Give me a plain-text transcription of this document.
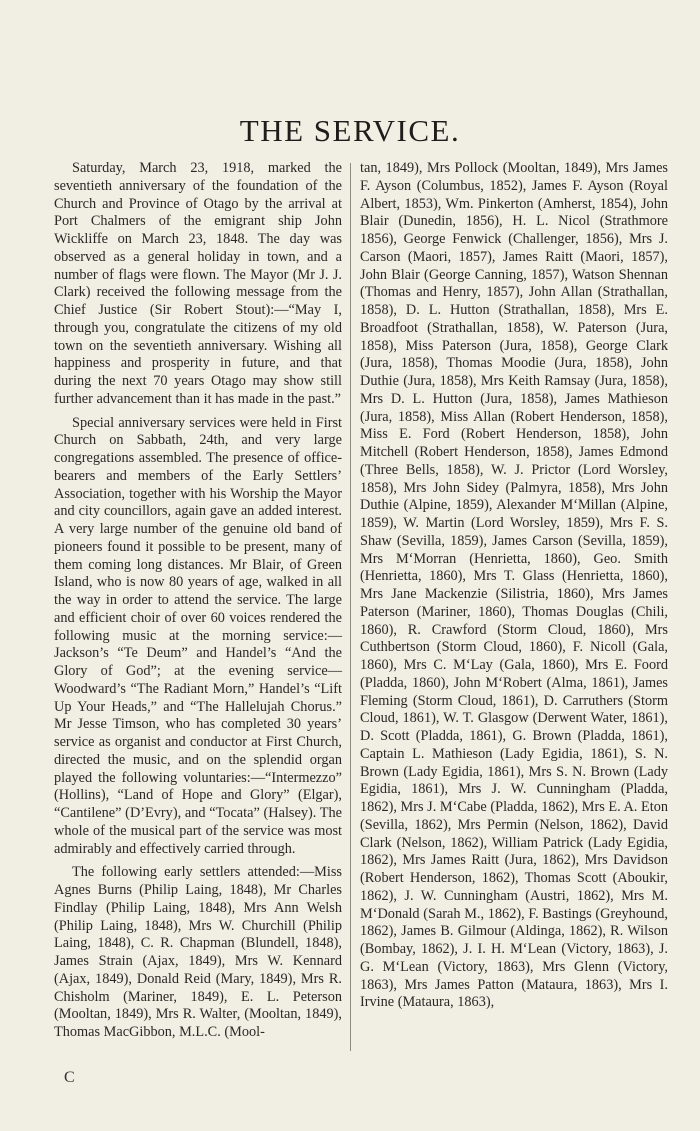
THE SERVICE.

Saturday, March 23, 1918, marked the seventieth anniversary of the foundation of the Church and Province of Otago by the arrival at Port Chalmers of the emigrant ship John Wickliffe on March 23, 1848. The day was observed as a general holiday in town, and a number of flags were flown. The Mayor (Mr J. J. Clark) received the following message from the Chief Justice (Sir Robert Stout):—“May I, through you, congratulate the citizens of my old town on the seventieth anniversary. Wishing all happiness and prosperity in future, and that during the next 70 years Otago may show still further advancement than it has made in the past.”

Special anniversary services were held in First Church on Sabbath, 24th, and very large congregations assembled. The presence of office-bearers and members of the Early Settlers’ Association, together with his Worship the Mayor and city councillors, again gave an added interest. A very large number of the genuine old band of pioneers found it possible to be present, many of them coming long distances. Mr Blair, of Green Island, who is now 80 years of age, walked in all the way in order to attend the service. The large and efficient choir of over 60 voices rendered the following music at the morning service:—Jackson’s “Te Deum” and Handel’s “And the Glory of God”; at the evening service—Woodward’s “The Radiant Morn,” Handel’s “Lift Up Your Heads,” and “The Hallelujah Chorus.” Mr Jesse Timson, who has completed 30 years’ service as organist and conductor at First Church, directed the music, and on the splendid organ played the following voluntaries:—“Intermezzo” (Hollins), “Land of Hope and Glory” (Elgar), “Cantilene” (D’Evry), and “Tocata” (Halsey). The whole of the musical part of the service was most admirably and effectively carried through.

The following early settlers attended:—Miss Agnes Burns (Philip Laing, 1848), Mr Charles Findlay (Philip Laing, 1848), Mrs Ann Welsh (Philip Laing, 1848), Mrs W. Churchill (Philip Laing, 1848), C. R. Chapman (Blundell, 1848), James Strain (Ajax, 1849), Mrs W. Kennard (Ajax, 1849), Donald Reid (Mary, 1849), Mrs R. Chisholm (Mariner, 1849), E. L. Peterson (Mooltan, 1849), Mrs R. Walter, (Mooltan, 1849), Thomas MacGibbon, M.L.C. (Mool-

tan, 1849), Mrs Pollock (Mooltan, 1849), Mrs James F. Ayson (Columbus, 1852), James F. Ayson (Royal Albert, 1853), Wm. Pinkerton (Amherst, 1854), John Blair (Dunedin, 1856), H. L. Nicol (Strathmore 1856), George Fenwick (Challenger, 1856), Mrs J. Carson (Maori, 1857), James Raitt (Maori, 1857), John Blair (George Canning, 1857), Watson Shennan (Thomas and Henry, 1857), John Allan (Strathallan, 1858), D. L. Hutton (Strathallan, 1858), Mrs E. Broadfoot (Strathallan, 1858), W. Paterson (Jura, 1858), Miss Paterson (Jura, 1858), George Clark (Jura, 1858), Thomas Moodie (Jura, 1858), John Duthie (Jura, 1858), Mrs Keith Ramsay (Jura, 1858), Mrs D. L. Hutton (Jura, 1858), James Mathieson (Jura, 1858), Miss Allan (Robert Henderson, 1858), Miss E. Ford (Robert Henderson, 1858), John Mitchell (Robert Henderson, 1858), James Edmond (Three Bells, 1858), W. J. Prictor (Lord Worsley, 1858), Mrs John Sidey (Palmyra, 1858), Mrs John Duthie (Alpine, 1859), Alexander M‘Millan (Alpine, 1859), W. Martin (Lord Worsley, 1859), Mrs F. S. Shaw (Sevilla, 1859), James Carson (Sevilla, 1859), Mrs M‘Morran (Henrietta, 1860), Geo. Smith (Henrietta, 1860), Mrs T. Glass (Henrietta, 1860), Mrs Jane Mackenzie (Silistria, 1860), Mrs James Paterson (Mariner, 1860), Thomas Douglas (Chili, 1860), R. Crawford (Storm Cloud, 1860), Mrs Cuthbertson (Storm Cloud, 1860), F. Nicoll (Gala, 1860), Mrs C. M‘Lay (Gala, 1860), Mrs E. Foord (Pladda, 1860), John M‘Robert (Alma, 1861), James Fleming (Storm Cloud, 1861), D. Carruthers (Storm Cloud, 1861), W. T. Glasgow (Derwent Water, 1861), D. Scott (Pladda, 1861), G. Brown (Pladda, 1861), Captain L. Mathieson (Lady Egidia, 1861), S. N. Brown (Lady Egidia, 1861), Mrs S. N. Brown (Lady Egidia, 1861), Mrs J. W. Cunningham (Pladda, 1862), Mrs J. M‘Cabe (Pladda, 1862), Mrs E. A. Eton (Sevilla, 1862), Mrs Permin (Nelson, 1862), David Clark (Nelson, 1862), William Patrick (Lady Egidia, 1862), Mrs James Raitt (Jura, 1862), Mrs Davidson (Robert Henderson, 1862), Thomas Scott (Aboukir, 1862), J. W. Cunningham (Austri, 1862), Mrs M. M‘Donald (Sarah M., 1862), F. Bastings (Greyhound, 1862), James B. Gilmour (Aldinga, 1862), R. Wilson (Bombay, 1862), J. I. H. M‘Lean (Victory, 1863), J. G. M‘Lean (Victory, 1863), Mrs Glenn (Victory, 1863), Mrs James Patton (Mataura, 1863), Mrs I. Irvine (Mataura, 1863),

C
